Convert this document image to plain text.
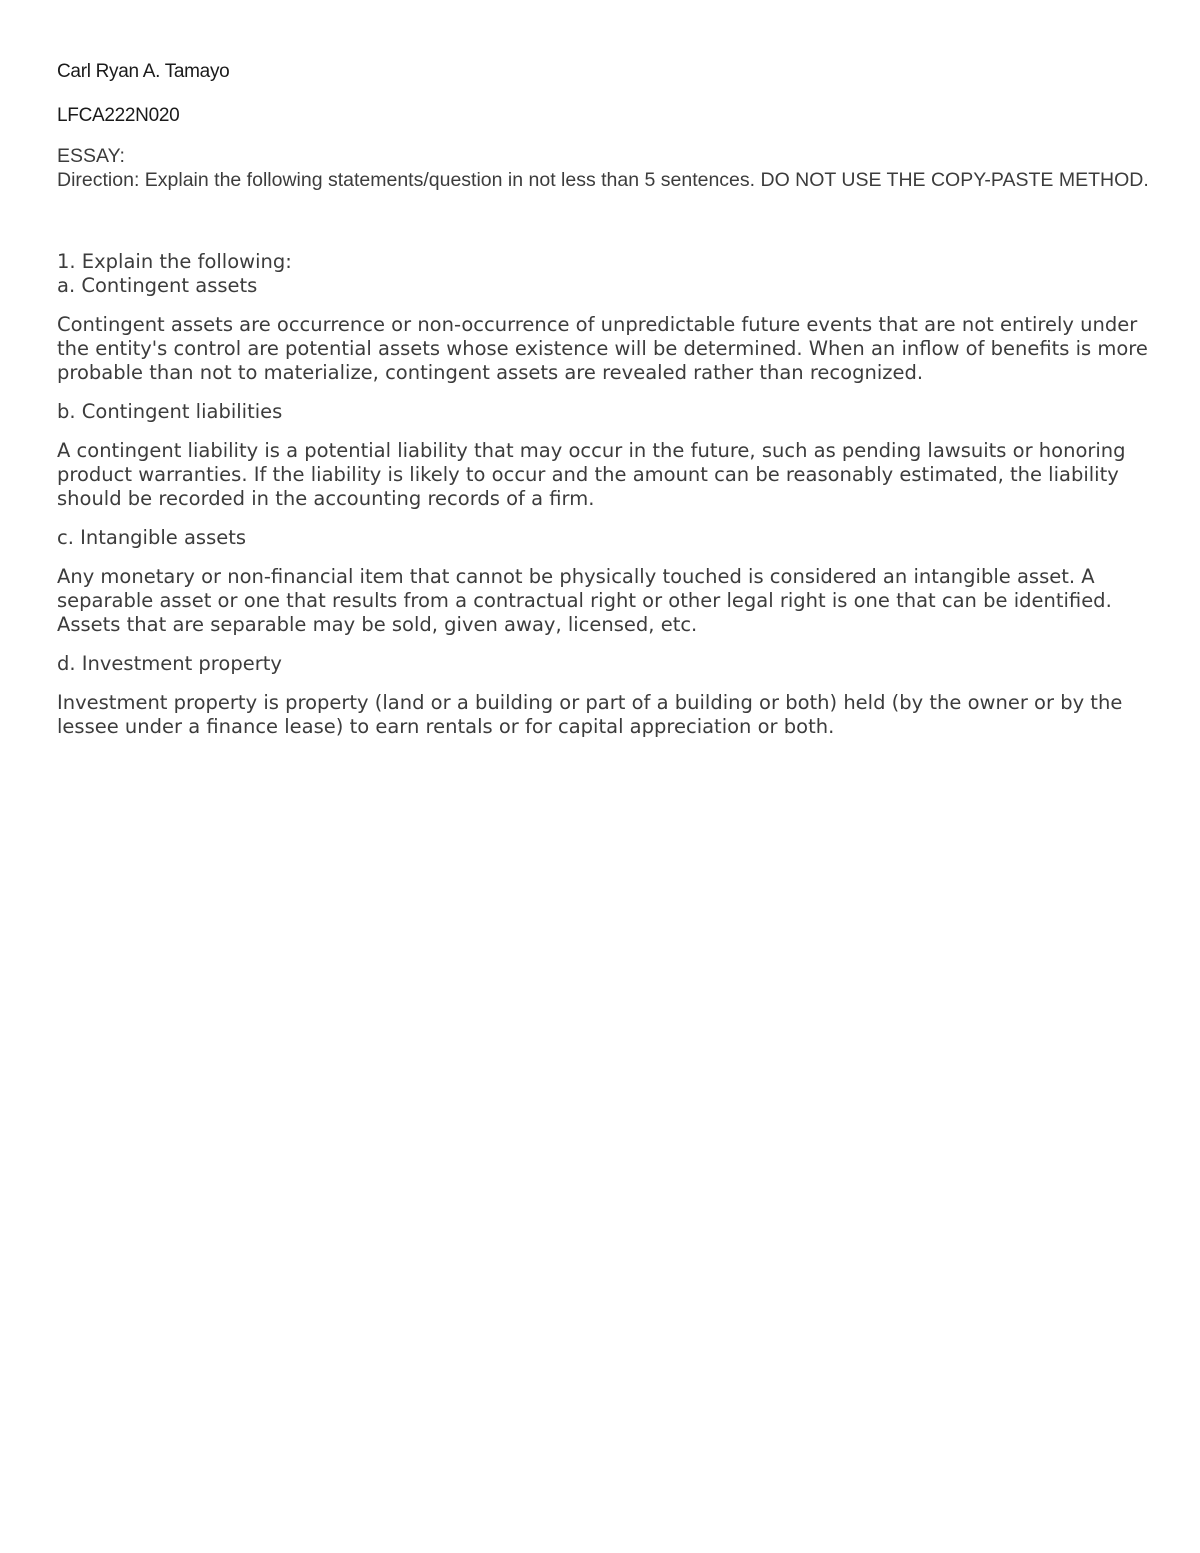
Carl Ryan A. Tamayo

LFCA222N020

ESSAY:

Direction: Explain the following statements/question in not less than 5 sentences. DO NOT USE THE COPY-PASTE METHOD.

1. Explain the following:

a. Contingent assets

Contingent assets are occurrence or non-occurrence of unpredictable future events that are not entirely under the entity's control are potential assets whose existence will be determined. When an inflow of benefits is more probable than not to materialize, contingent assets are revealed rather than recognized.

b. Contingent liabilities

A contingent liability is a potential liability that may occur in the future, such as pending lawsuits or honoring product warranties. If the liability is likely to occur and the amount can be reasonably estimated, the liability should be recorded in the accounting records of a firm.

c. Intangible assets

Any monetary or non-financial item that cannot be physically touched is considered an intangible asset. A separable asset or one that results from a contractual right or other legal right is one that can be identified. Assets that are separable may be sold, given away, licensed, etc.

d. Investment property

Investment property is property (land or a building or part of a building or both) held (by the owner or by the lessee under a finance lease) to earn rentals or for capital appreciation or both.
